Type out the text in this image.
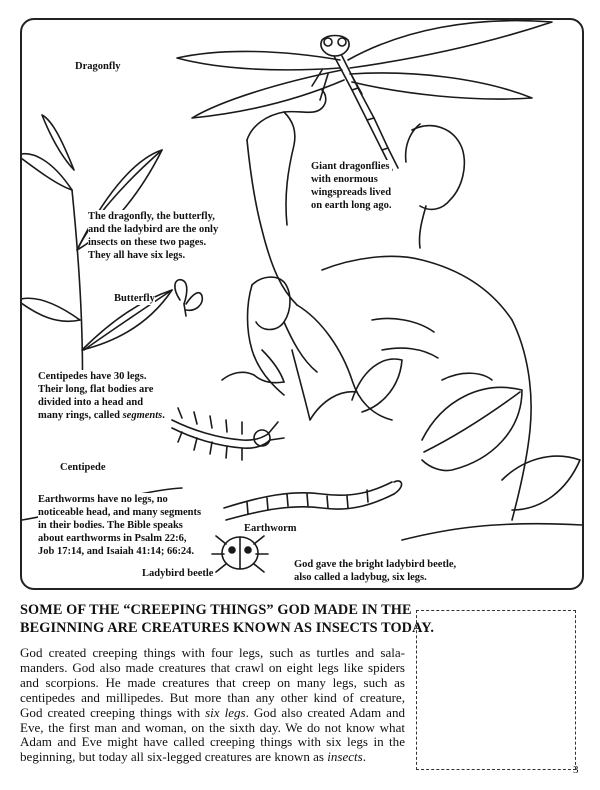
Dragonfly
Giant dragonflies
with enormous
wingspreads lived
on earth long ago.
The dragonfly, the butterfly,
and the ladybird are the only
insects on these two pages.
They all have six legs.
Butterfly
Centipedes have 30 legs.
Their long, flat bodies are
divided into a head and
many rings, called segments.
Centipede
Earthworms have no legs, no
noticeable head, and many segments
in their bodies. The Bible speaks
about earthworms in Psalm 22:6,
Job 17:14, and Isaiah 41:14; 66:24.
Earthworm
Ladybird beetle
God gave the bright ladybird beetle,
also called a ladybug, six legs.
SOME OF THE “CREEPING THINGS” GOD MADE IN THE
BEGINNING ARE CREATURES KNOWN AS INSECTS TODAY.
God created creeping things with four legs, such as turtles and sala-
manders. God also made creatures that crawl on eight legs like spiders
and scorpions. He made creatures that creep on many legs, such as
centipedes and millipedes. But more than any other kind of creature,
God created creeping things with six legs. God also created Adam and
Eve, the first man and woman, on the sixth day. We do not know what
Adam and Eve might have called creeping things with six legs in the
beginning, but today all six-legged creatures are known as insects.
3
